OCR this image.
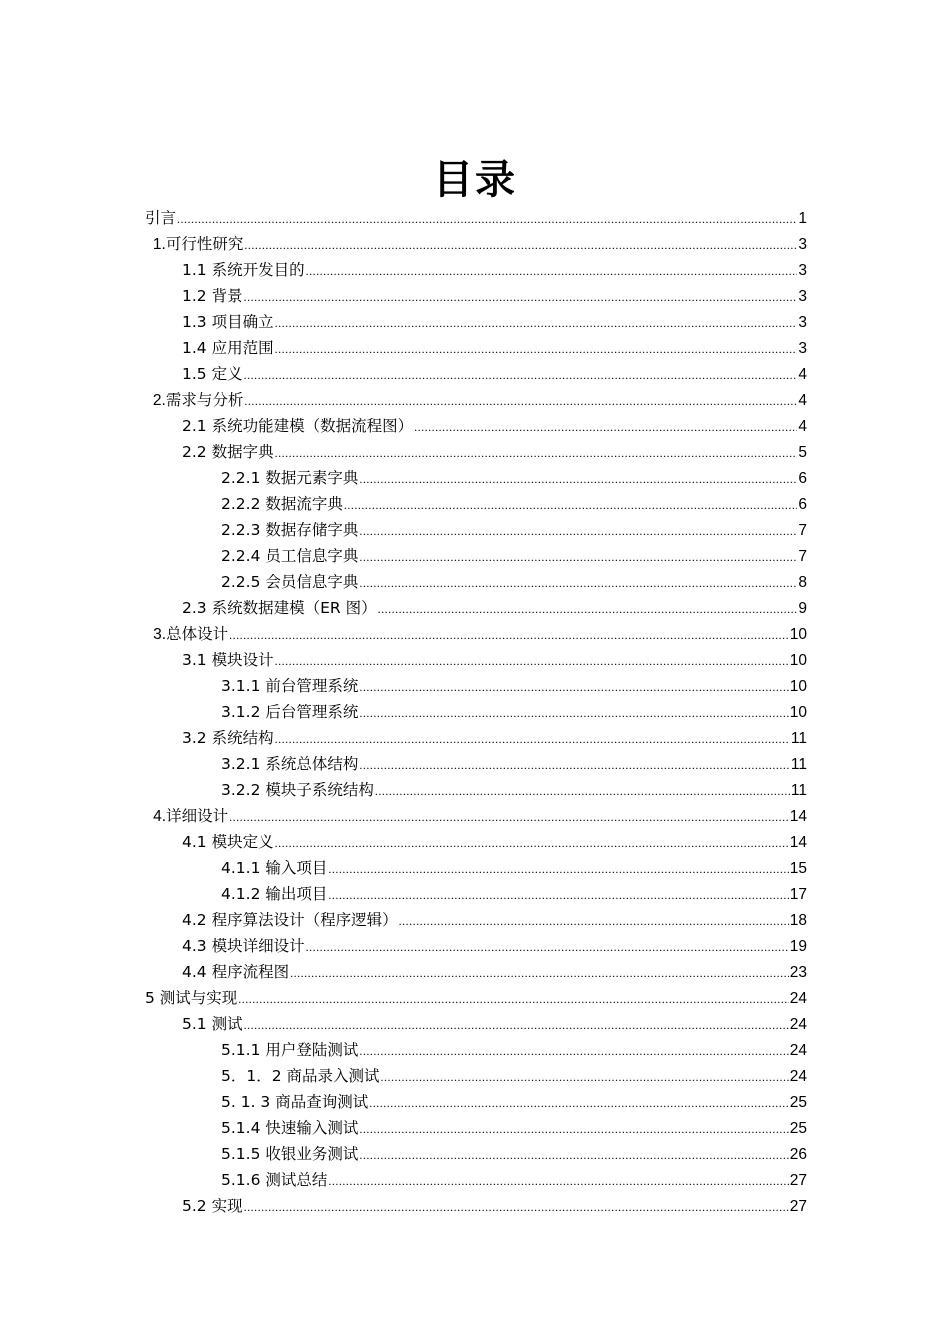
目录
引言 .....	1
1. 可行性研究 .....	3
1.1 系统开发目的 .....	3
1.2 背景 .....	3
1.3 项目确立 .....	3
1.4 应用范围 .....	3
1.5 定义 .....	4
2. 需求与分析 .....	4
2.1 系统功能建模（数据流程图） .....	4
2.2 数据字典 .....	5
2.2.1 数据元素字典 .....	6
2.2.2 数据流字典 .....	6
2.2.3 数据存储字典 .....	7
2.2.4 员工信息字典 .....	7
2.2.5 会员信息字典 .....	8
2.3 系统数据建模（ER 图） .....	9
3. 总体设计 .....	10
3.1 模块设计 .....	10
3.1.1 前台管理系统 .....	10
3.1.2 后台管理系统 .....	10
3.2 系统结构 .....	11
3.2.1 系统总体结构 .....	11
3.2.2 模块子系统结构 .....	11
4. 详细设计 .....	14
4.1 模块定义 .....	14
4.1.1 输入项目 .....	15
4.1.2 输出项目 .....	17
4.2 程序算法设计（程序逻辑） .....	18
4.3 模块详细设计 .....	19
4.4 程序流程图 .....	23
5 测试与实现 .....	24
5.1 测试 .....	24
5.1.1 用户登陆测试 .....	24
5．1．2 商品录入测试 .....	24
5. 1. 3 商品查询测试 .....	25
5.1.4 快速输入测试 .....	25
5.1.5 收银业务测试 .....	26
5.1.6 测试总结 .....	27
5.2 实现 .....	27
